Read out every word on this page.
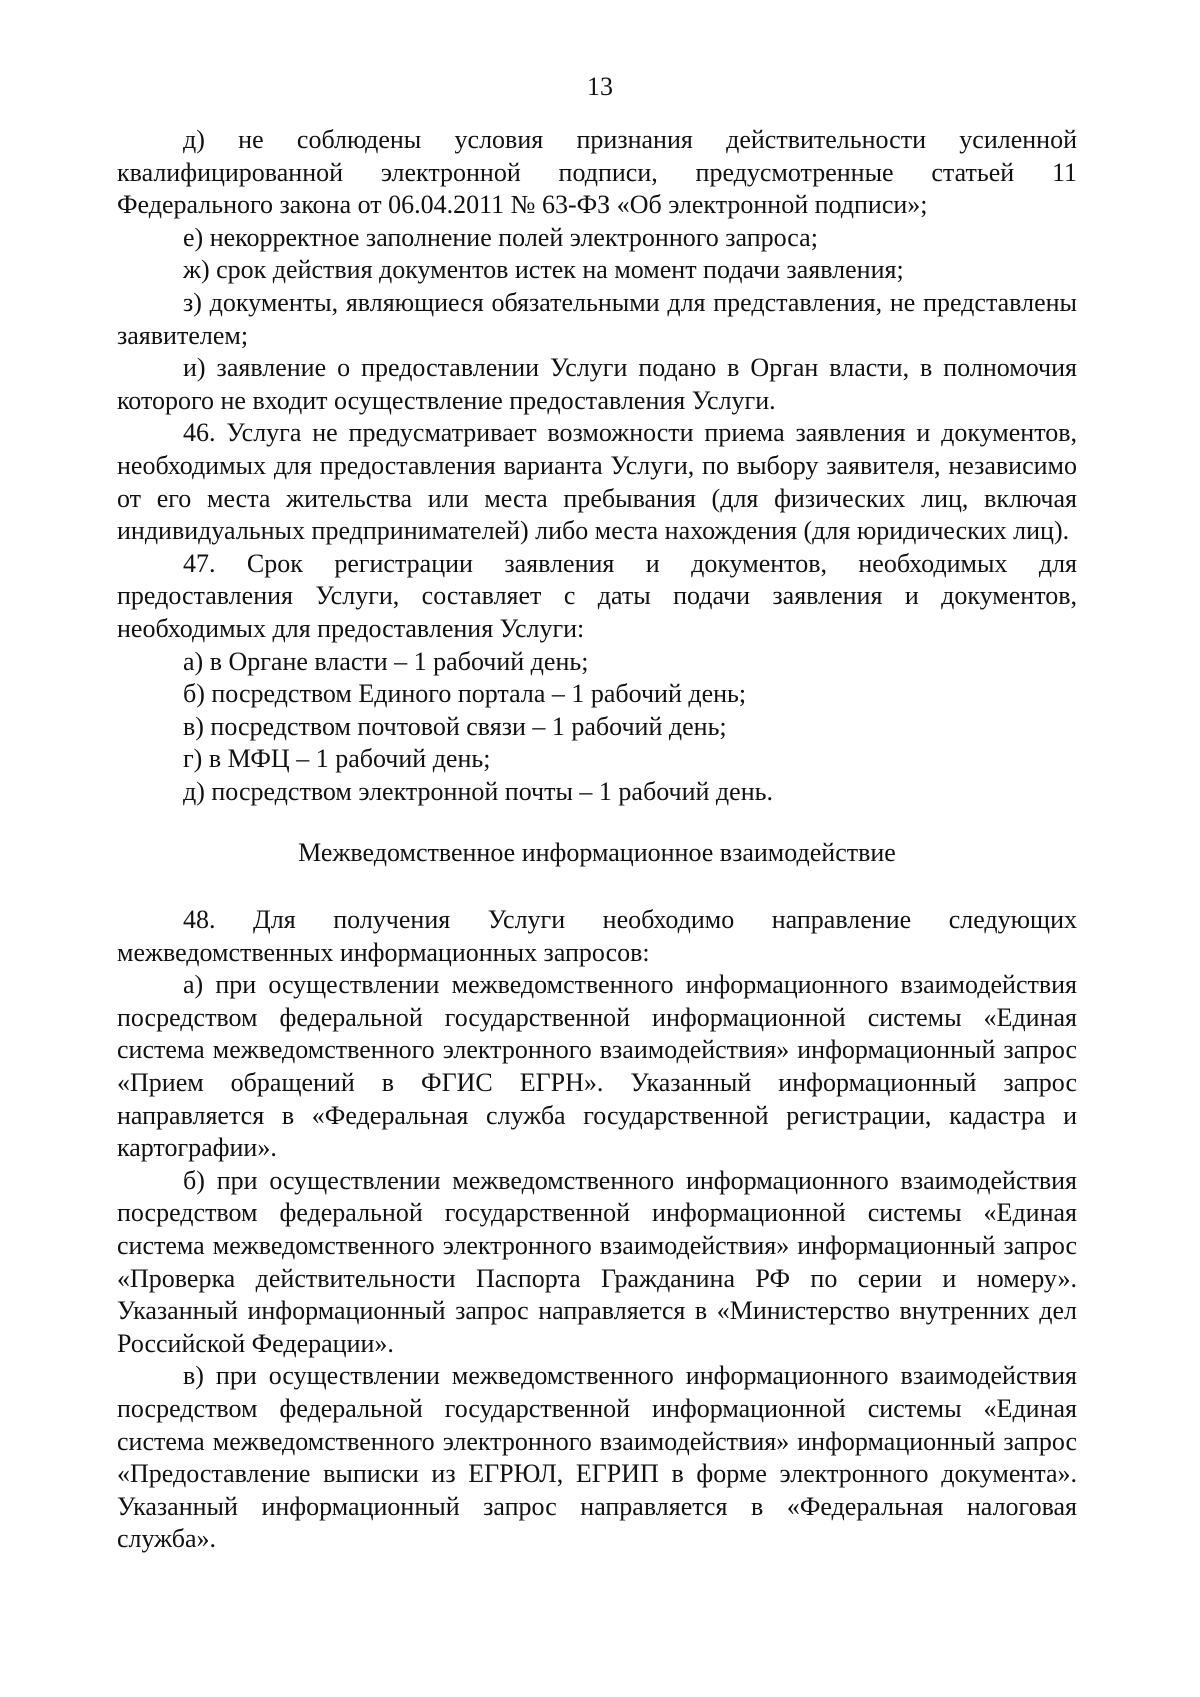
13

д) не соблюдены условия признания действительности усиленной квалифицированной электронной подписи, предусмотренные статьей 11 Федерального закона от 06.04.2011 № 63-ФЗ «Об электронной подписи»;

е) некорректное заполнение полей электронного запроса;

ж) срок действия документов истек на момент подачи заявления;

з) документы, являющиеся обязательными для представления, не представлены заявителем;

и) заявление о предоставлении Услуги подано в Орган власти, в полномочия которого не входит осуществление предоставления Услуги.

46. Услуга не предусматривает возможности приема заявления и документов, необходимых для предоставления варианта Услуги, по выбору заявителя, независимо от его места жительства или места пребывания (для физических лиц, включая индивидуальных предпринимателей) либо места нахождения (для юридических лиц).

47. Срок регистрации заявления и документов, необходимых для предоставления Услуги, составляет с даты подачи заявления и документов, необходимых для предоставления Услуги:

а) в Органе власти – 1 рабочий день;

б) посредством Единого портала – 1 рабочий день;

в) посредством почтовой связи – 1 рабочий день;

г) в МФЦ – 1 рабочий день;

д) посредством электронной почты – 1 рабочий день.

Межведомственное информационное взаимодействие

48. Для получения Услуги необходимо направление следующих межведомственных информационных запросов:

а) при осуществлении межведомственного информационного взаимодействия посредством федеральной государственной информационной системы «Единая система межведомственного электронного взаимодействия» информационный запрос «Прием обращений в ФГИС ЕГРН». Указанный информационный запрос направляется в «Федеральная служба государственной регистрации, кадастра и картографии».

б) при осуществлении межведомственного информационного взаимодействия посредством федеральной государственной информационной системы «Единая система межведомственного электронного взаимодействия» информационный запрос «Проверка действительности Паспорта Гражданина РФ по серии и номеру». Указанный информационный запрос направляется в «Министерство внутренних дел Российской Федерации».

в) при осуществлении межведомственного информационного взаимодействия посредством федеральной государственной информационной системы «Единая система межведомственного электронного взаимодействия» информационный запрос «Предоставление выписки из ЕГРЮЛ, ЕГРИП в форме электронного документа». Указанный информационный запрос направляется в «Федеральная налоговая служба».
